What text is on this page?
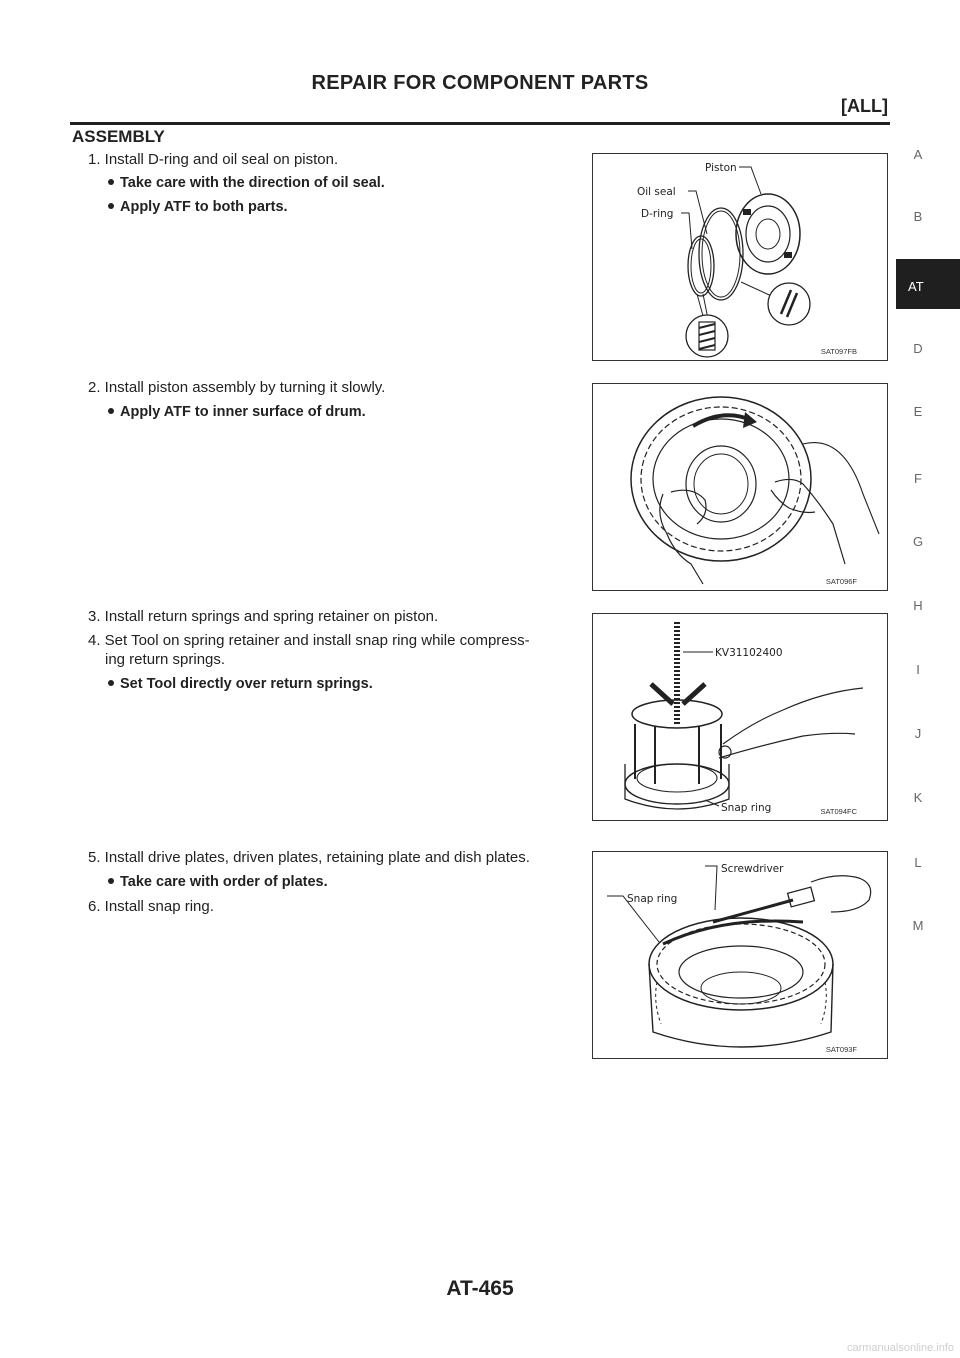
REPAIR FOR COMPONENT PARTS
[ALL]
ASSEMBLY
1. Install D-ring and oil seal on piston.
Take care with the direction of oil seal.
Apply ATF to both parts.
Piston
Oil seal
D-ring
SAT097FB
2. Install piston assembly by turning it slowly.
Apply ATF to inner surface of drum.
SAT096F
3. Install return springs and spring retainer on piston.
4. Set Tool on spring retainer and install snap ring while compress-
ing return springs.
Set Tool directly over return springs.
KV31102400
Snap ring	SAT094FC
5. Install drive plates, driven plates, retaining plate and dish plates.
Take care with order of plates.
6. Install snap ring.
Screwdriver
Snap ring
SAT093F
A
B
AT
D
E
F
G
H
I
J
K
L
M
AT-465
carmanualsonline.info
